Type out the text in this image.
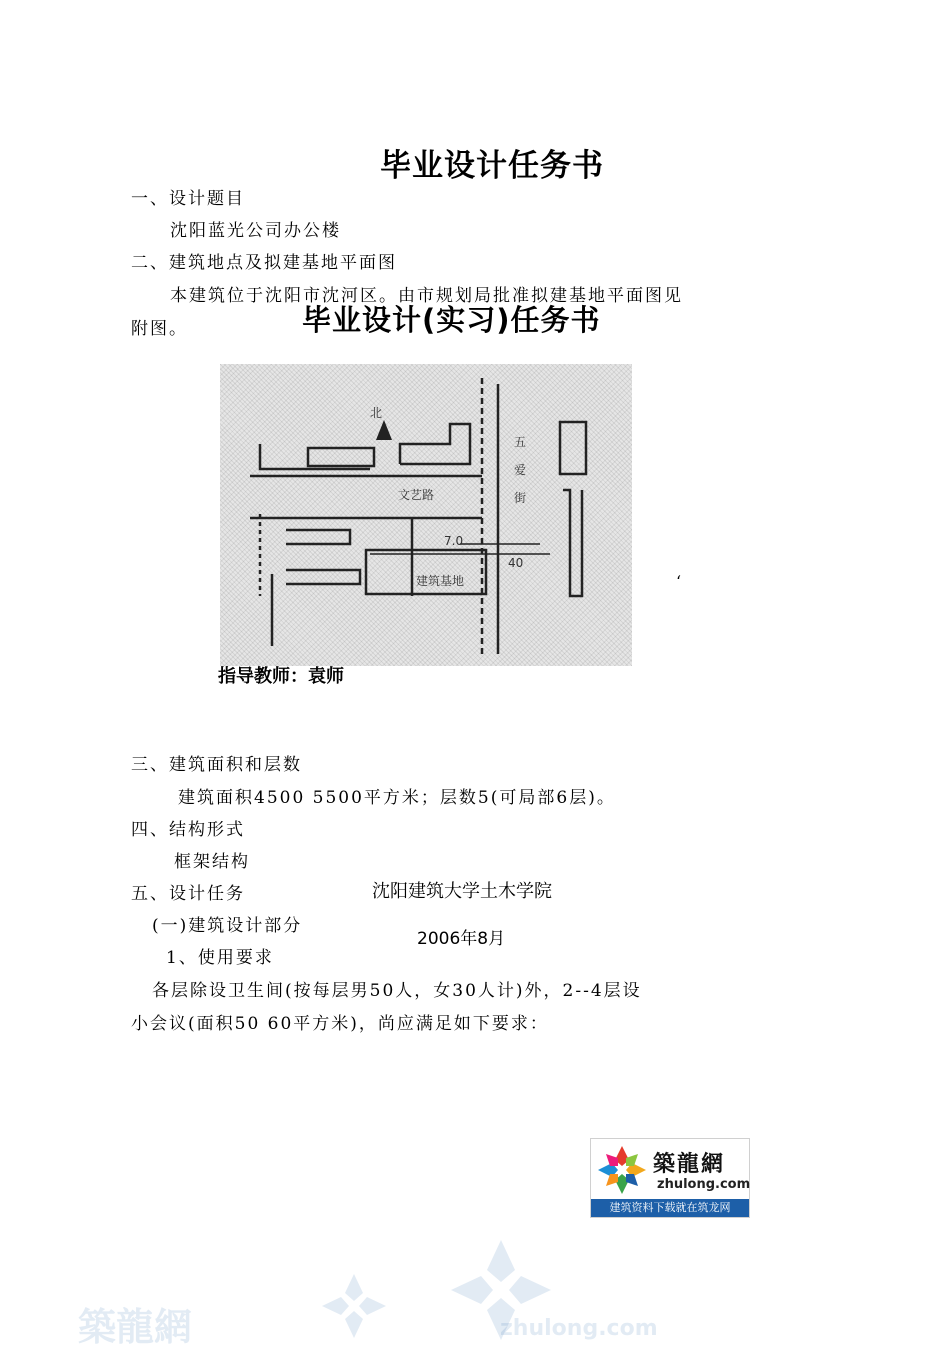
毕业设计任务书
一、设计题目
沈阳蓝光公司办公楼
二、建筑地点及拟建基地平面图
本建筑位于沈阳市沈河区。由市规划局批准拟建基地平面图见
附图。	毕业设计(实习)任务书
北
五 爱 街
文艺路
建筑基地
7.0
40
指导教师：袁师
‘
三、建筑面积和层数
建筑面积4500 5500平方米；层数5(可局部6层)。
四、结构形式
框架结构
五、设计任务	沈阳建筑大学土木学院
(一)建筑设计部分
2006年8月
1、使用要求
各层除设卫生间(按每层男50人，女30人计)外，2--4层设
小会议(面积50 60平方米)，尚应满足如下要求：
築龍網
zhulong.com
建筑资料下载就在筑龙网
築龍網	zhulong.com
